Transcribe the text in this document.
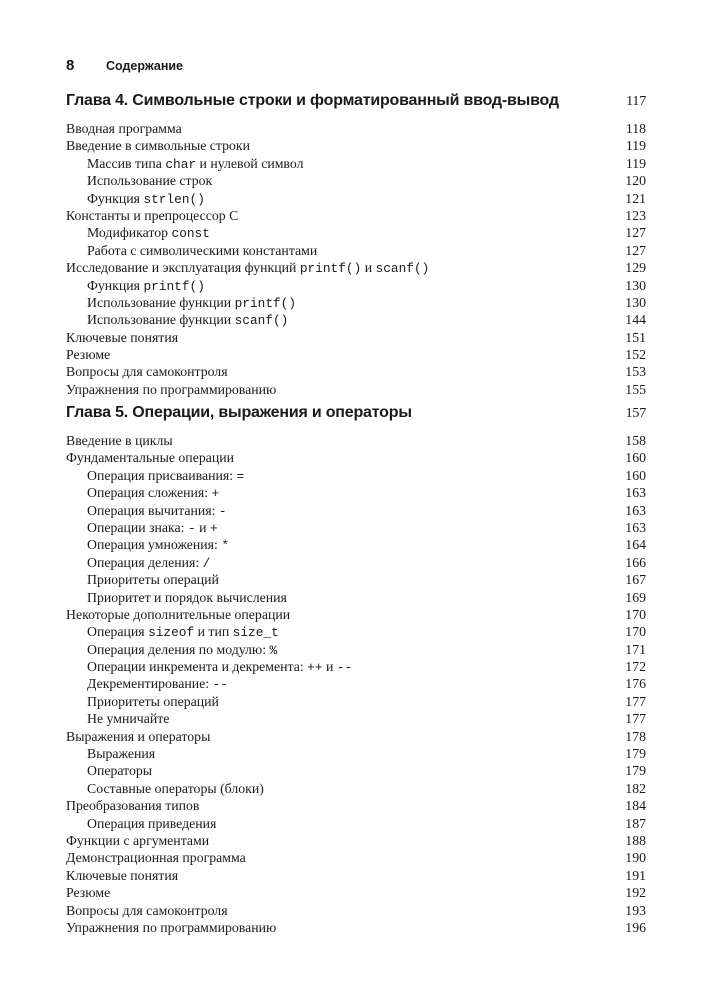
8	Содержание
Глава 4. Символьные строки и форматированный ввод-вывод	117
Вводная программа	118
Введение в символьные строки	119
Массив типа char и нулевой символ	119
Использование строк	120
Функция strlen()	121
Константы и препроцессор C	123
Модификатор const	127
Работа с символическими константами	127
Исследование и эксплуатация функций printf() и scanf()	129
Функция printf()	130
Использование функции printf()	130
Использование функции scanf()	144
Ключевые понятия	151
Резюме	152
Вопросы для самоконтроля	153
Упражнения по программированию	155
Глава 5. Операции, выражения и операторы	157
Введение в циклы	158
Фундаментальные операции	160
Операция присваивания: =	160
Операция сложения: +	163
Операция вычитания: -	163
Операции знака: - и +	163
Операция умножения: *	164
Операция деления: /	166
Приоритеты операций	167
Приоритет и порядок вычисления	169
Некоторые дополнительные операции	170
Операция sizeof и тип size_t	170
Операция деления по модулю: %	171
Операции инкремента и декремента: ++ и --	172
Декрементирование: --	176
Приоритеты операций	177
Не умничайте	177
Выражения и операторы	178
Выражения	179
Операторы	179
Составные операторы (блоки)	182
Преобразования типов	184
Операция приведения	187
Функции с аргументами	188
Демонстрационная программа	190
Ключевые понятия	191
Резюме	192
Вопросы для самоконтроля	193
Упражнения по программированию	196
